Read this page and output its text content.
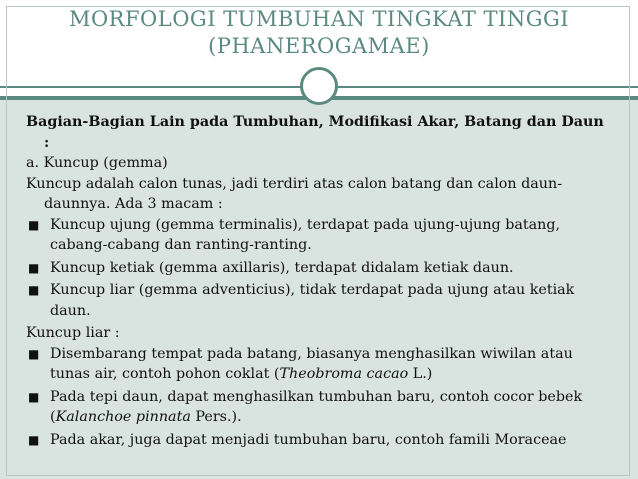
MORFOLOGI TUMBUHAN TINGKAT TINGGI
(PHANEROGAMAE)

Bagian-Bagian Lain pada Tumbuhan, Modifikasi Akar, Batang dan Daun :

a. Kuncup (gemma)

Kuncup adalah calon tunas, jadi terdiri atas calon batang dan calon daun-daunnya. Ada 3 macam :

■ Kuncup ujung (gemma terminalis), terdapat pada ujung-ujung batang, cabang-cabang dan ranting-ranting.
■ Kuncup ketiak (gemma axillaris), terdapat didalam ketiak daun.
■ Kuncup liar (gemma adventicius), tidak terdapat pada ujung atau ketiak daun.

Kuncup liar :

■ Disembarang tempat pada batang, biasanya menghasilkan wiwilan atau tunas air, contoh pohon coklat (Theobroma cacao L.)
■ Pada tepi daun, dapat menghasilkan tumbuhan baru, contoh cocor bebek (Kalanchoe pinnata Pers.).
■ Pada akar, juga dapat menjadi tumbuhan baru, contoh famili Moraceae
